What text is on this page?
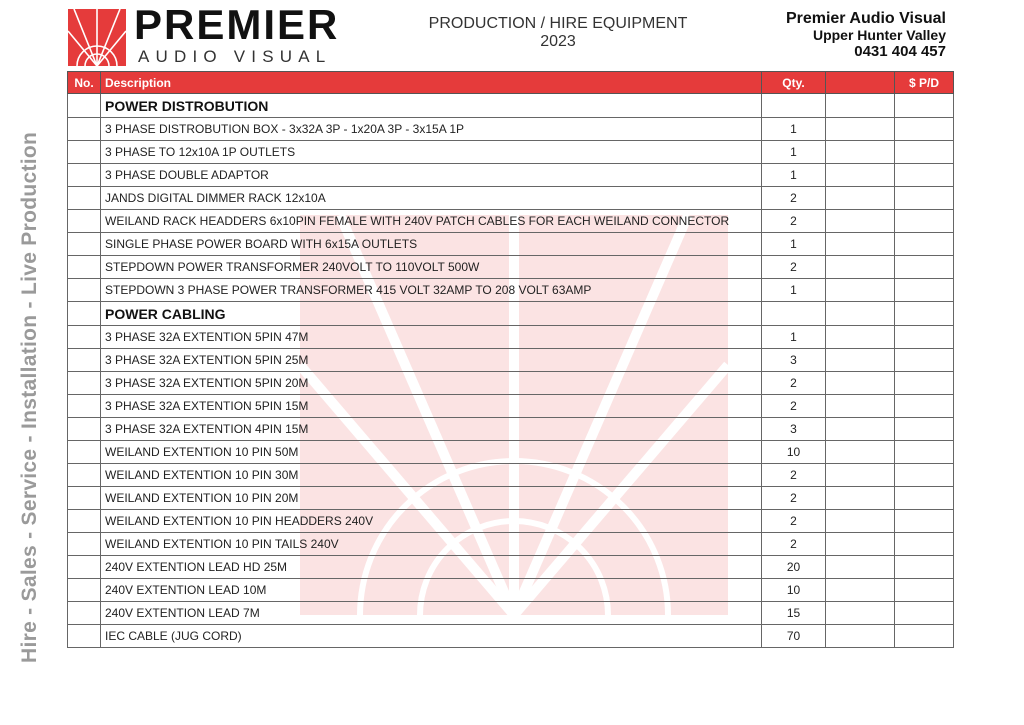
PREMIER
AUDIO VISUAL
PRODUCTION / HIRE EQUIPMENT
2023
Premier Audio Visual
Upper Hunter Valley
0431 404 457
Hire - Sales - Service - Installation - Live Production
No.	Description	Qty.		$ P/D
	POWER DISTROBUTION			
	3 PHASE DISTROBUTION BOX - 3x32A 3P - 1x20A 3P - 3x15A 1P	1		
	3 PHASE TO 12x10A 1P OUTLETS	1		
	3 PHASE DOUBLE ADAPTOR	1		
	JANDS DIGITAL DIMMER RACK 12x10A	2		
	WEILAND RACK HEADDERS 6x10PIN FEMALE WITH 240V PATCH CABLES FOR EACH WEILAND CONNECTOR	2		
	SINGLE PHASE POWER BOARD WITH 6x15A OUTLETS	1		
	STEPDOWN POWER TRANSFORMER 240VOLT TO 110VOLT 500W	2		
	STEPDOWN 3 PHASE POWER TRANSFORMER 415 VOLT 32AMP TO 208 VOLT 63AMP	1		
	POWER CABLING			
	3 PHASE 32A EXTENTION 5PIN 47M	1		
	3 PHASE 32A EXTENTION 5PIN 25M	3		
	3 PHASE 32A EXTENTION 5PIN 20M	2		
	3 PHASE 32A EXTENTION 5PIN 15M	2		
	3 PHASE 32A EXTENTION 4PIN 15M	3		
	WEILAND EXTENTION 10 PIN 50M	10		
	WEILAND EXTENTION 10 PIN 30M	2		
	WEILAND EXTENTION 10 PIN 20M	2		
	WEILAND EXTENTION 10 PIN HEADDERS 240V	2		
	WEILAND EXTENTION 10 PIN TAILS 240V	2		
	240V EXTENTION LEAD HD 25M	20		
	240V EXTENTION LEAD 10M	10		
	240V EXTENTION LEAD 7M	15		
	IEC CABLE (JUG CORD)	70		
